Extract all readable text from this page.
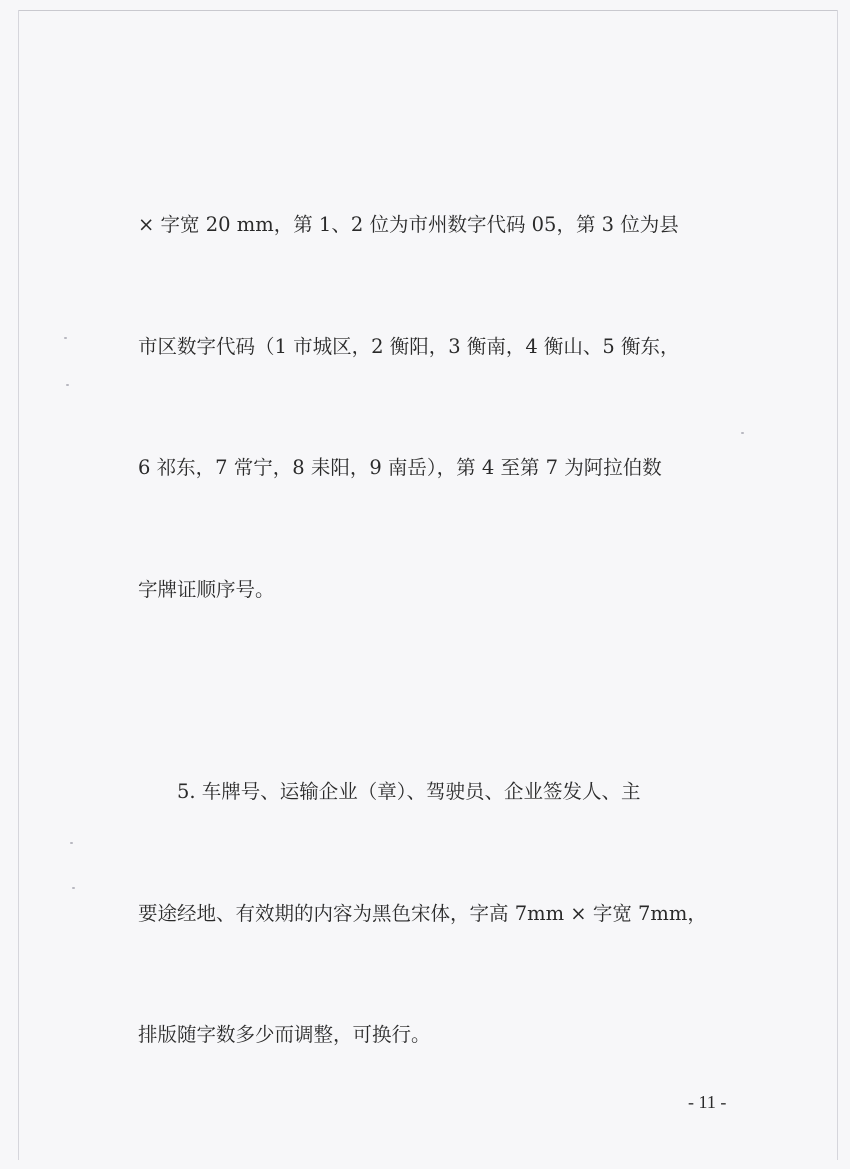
× 字宽 20 mm，第 1、2 位为市州数字代码 05，第 3 位为县

市区数字代码（1 市城区，2 衡阳，3 衡南，4 衡山、5 衡东，

6 祁东，7 常宁，8 耒阳，9 南岳），第 4 至第 7 为阿拉伯数

字牌证顺序号。

5. 车牌号、运输企业（章）、驾驶员、企业签发人、主

要途经地、有效期的内容为黑色宋体，字高 7mm × 字宽 7mm，

排版随字数多少而调整，可换行。

- 11 -
